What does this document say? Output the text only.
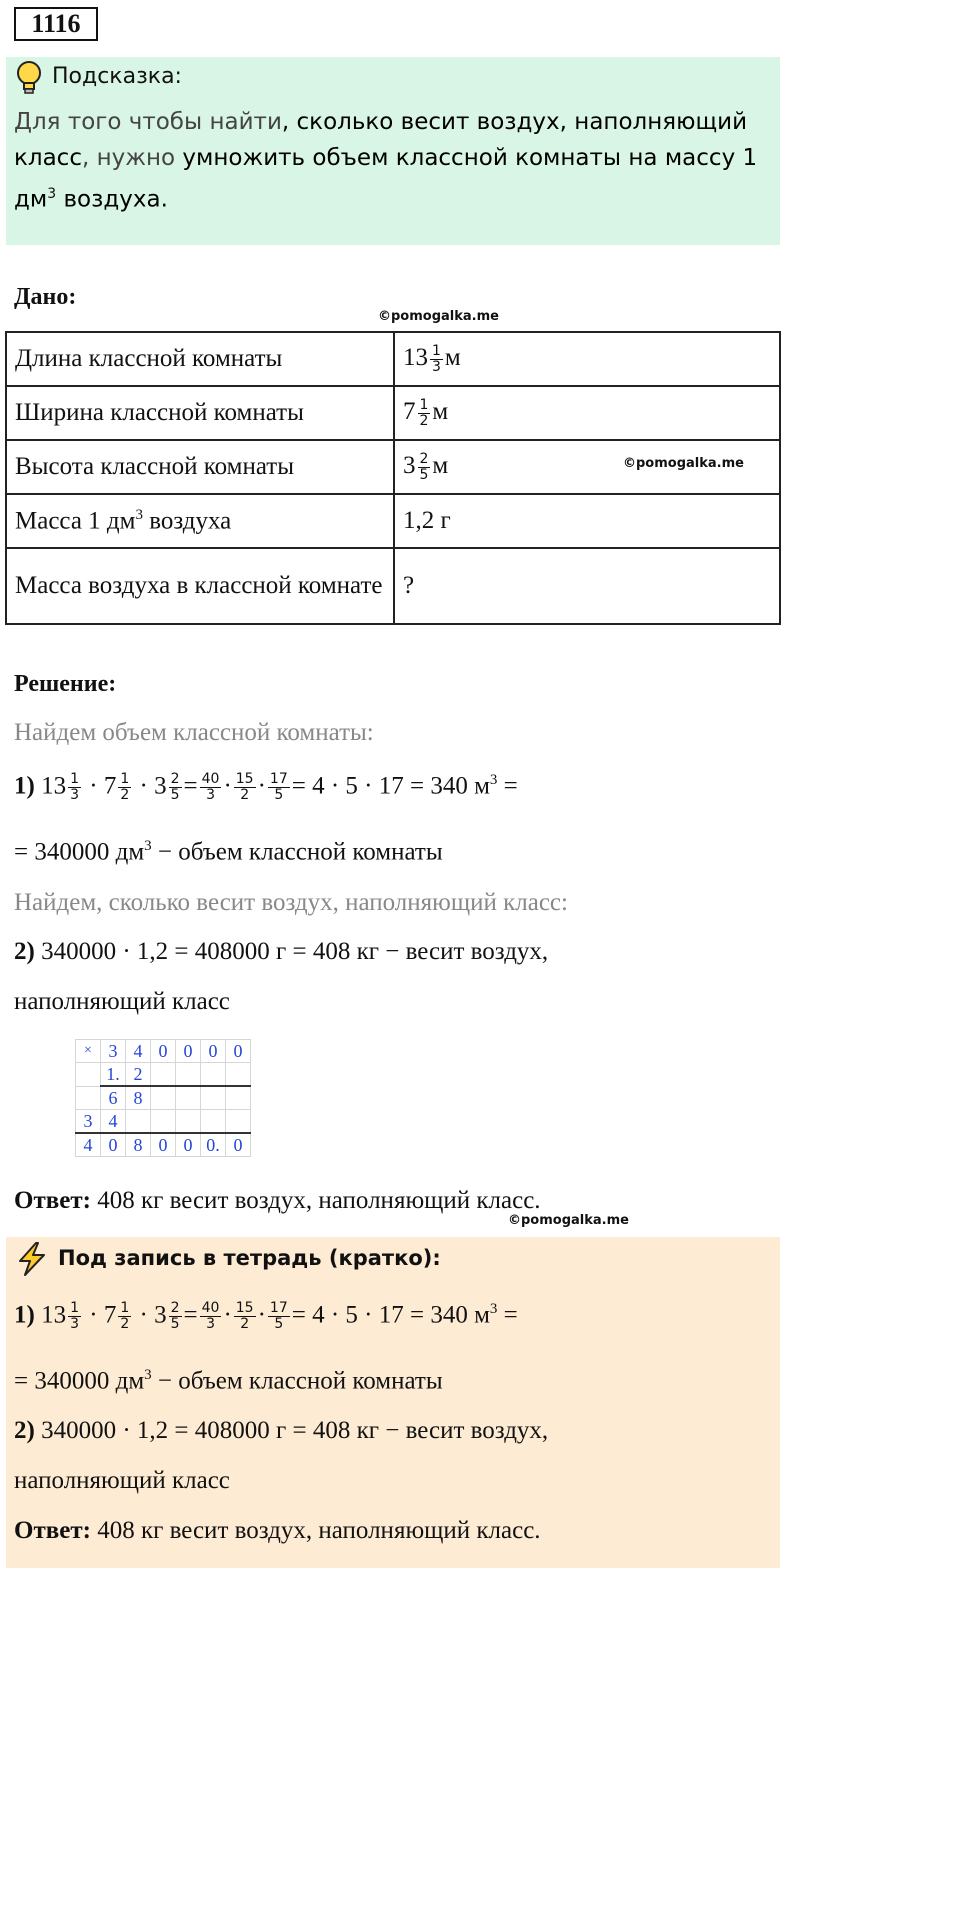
1116
Подсказка:
Для того чтобы найти, сколько весит воздух, наполняющий класс, нужно умножить объем классной комнаты на массу 1 $дм^3$ воздуха.
Дано:
©pomogalka.me
Длина классной комнаты	$13 \frac{1}{3}$ м
Ширина классной комнаты	$7 \frac{1}{2}$ м
Высота классной комнаты	$3 \frac{2}{5}$ м ©pomogalka.me

Масса 1 $дм^3$ воздуха	1,2 г
Масса воздуха в классной комнате	?
Решение:
Найдем объем классной комнаты:
1) $13 \frac{1}{3} \cdot 7 \frac{1}{2} \cdot 3 \frac{2}{5} = \frac{40}{3} \cdot \frac{15}{2} \cdot \frac{17}{5} = 4 \cdot 5 \cdot 17 = 340$ $м^3$ =
= 340000 $дм^3$ − объем классной комнаты
Найдем, сколько весит воздух, наполняющий класс:
2) 340000 · 1,2 = 408000 г = 408 кг − весит воздух,
наполняющий класс
×	3	4	0	0	0	0
	1.	2				
	6	8				
3	4					
4	0	8	0	0	0.	0
Ответ: 408 кг весит воздух, наполняющий класс.
©pomogalka.me
Под запись в тетрадь (кратко):
1) $13 \frac{1}{3} \cdot 7 \frac{1}{2} \cdot 3 \frac{2}{5} = \frac{40}{3} \cdot \frac{15}{2} \cdot \frac{17}{5} = 4 \cdot 5 \cdot 17 = 340$ $м^3$ =
= 340000 $дм^3$ − объем классной комнаты
2) 340000 · 1,2 = 408000 г = 408 кг − весит воздух,
наполняющий класс
Ответ: 408 кг весит воздух, наполняющий класс.
